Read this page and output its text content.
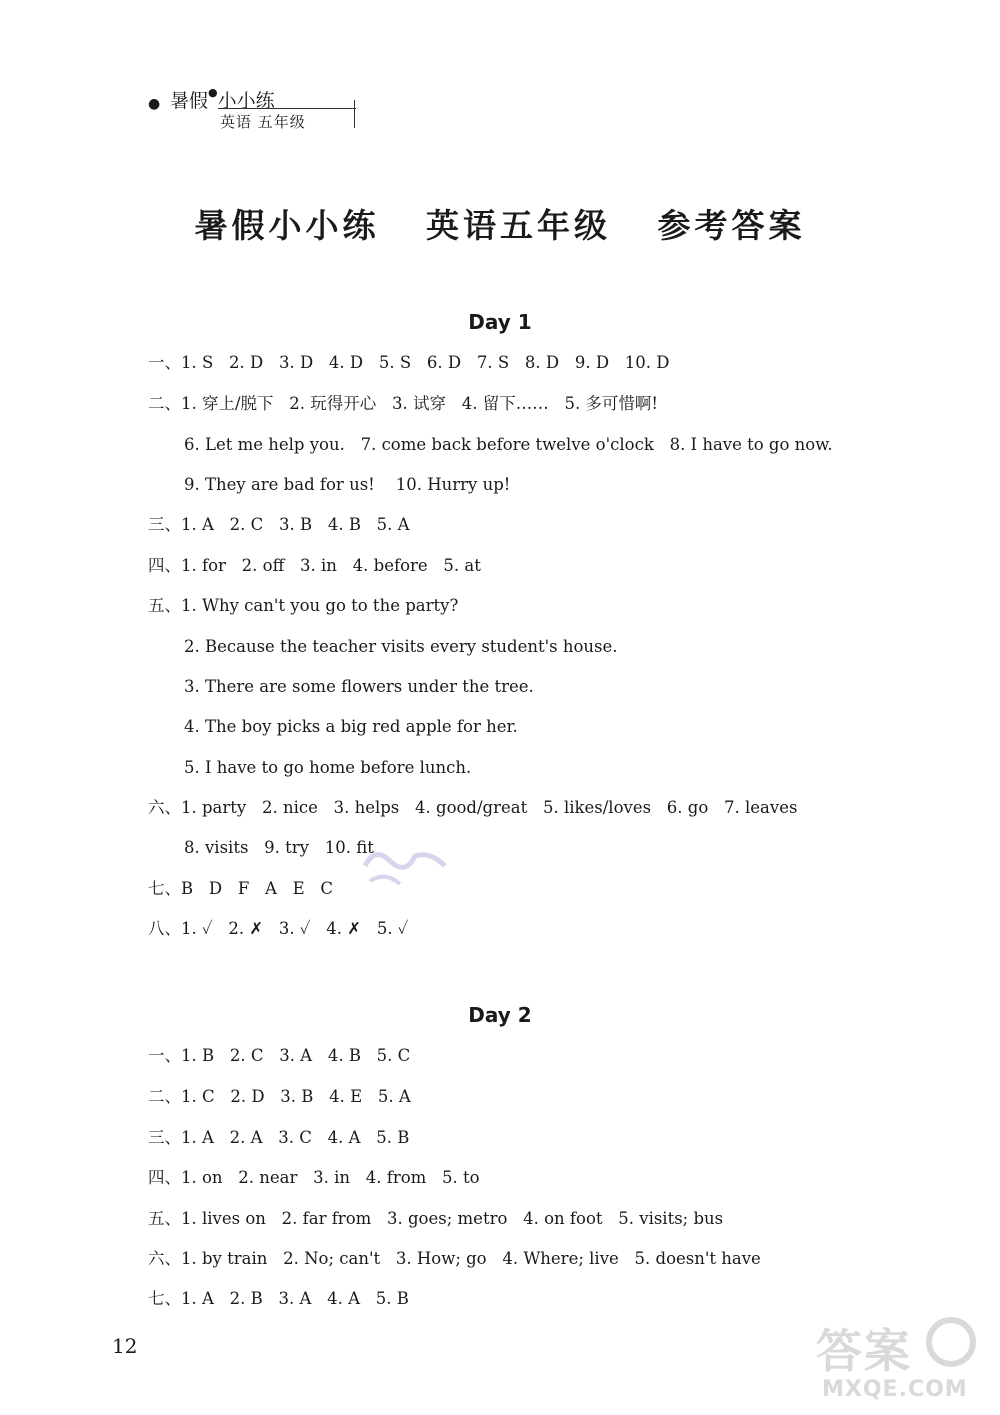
● 暑假●小小练
英语 五年级
暑假小小练   英语五年级   参考答案
Day 1
一、1. S   2. D   3. D   4. D   5. S   6. D   7. S   8. D   9. D   10. D
二、1. 穿上/脱下   2. 玩得开心   3. 试穿   4. 留下……   5. 多可惜啊!
6. Let me help you.   7. come back before twelve o'clock   8. I have to go now.
9. They are bad for us!    10. Hurry up!
三、1. A   2. C   3. B   4. B   5. A
四、1. for   2. off   3. in   4. before   5. at
五、1. Why can't you go to the party?
2. Because the teacher visits every student's house.
3. There are some flowers under the tree.
4. The boy picks a big red apple for her.
5. I have to go home before lunch.
六、1. party   2. nice   3. helps   4. good/great   5. likes/loves   6. go   7. leaves
8. visits   9. try   10. fit
七、B   D   F   A   E   C
八、1. ✓   2. ✗   3. ✓   4. ✗   5. ✓
Day 2
一、1. B   2. C   3. A   4. B   5. C
二、1. C   2. D   3. B   4. E   5. A
三、1. A   2. A   3. C   4. A   5. B
四、1. on   2. near   3. in   4. from   5. to
五、1. lives on   2. far from   3. goes; metro   4. on foot   5. visits; bus
六、1. by train   2. No; can't   3. How; go   4. Where; live   5. doesn't have
七、1. A   2. B   3. A   4. A   5. B
12	答案
MXQE.COM
